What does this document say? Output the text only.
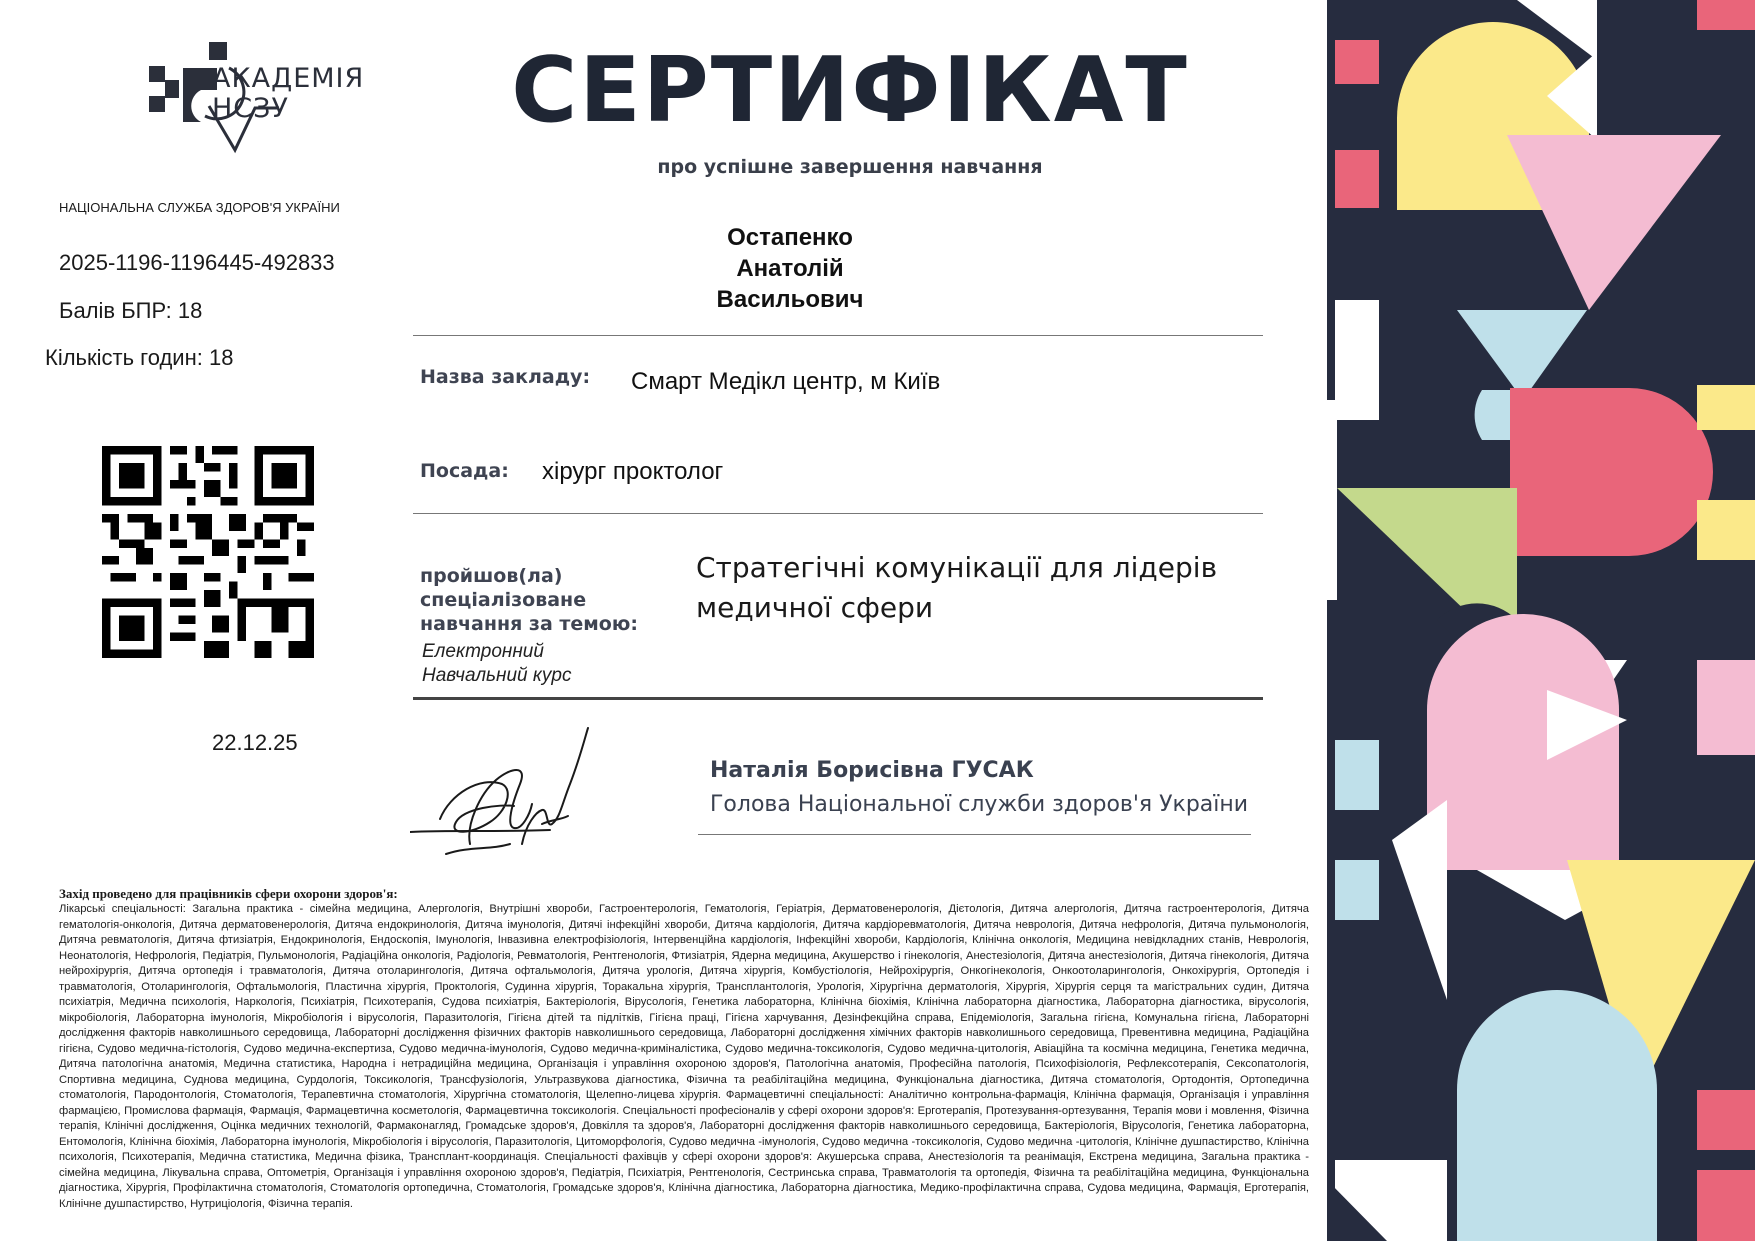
АКАДЕМІЯ
НСЗУ
НАЦІОНАЛЬНА СЛУЖБА ЗДОРОВ'Я УКРАЇНИ
2025-1196-1196445-492833
Балів БПР: 18
Кількість годин: 18
22.12.25
СЕРТИФІКАТ
про успішне завершення навчання
Остапенко
Анатолій
Васильович
Назва закладу: Смарт Медікл центр, м Київ
Посада: хірург проктолог
пройшов(ла)
спеціалізоване
навчання за темою:
Стратегічні комунікації для лідерів медичної сфери
Електронний
Навчальний курс
Наталія Борисівна ГУСАК
Голова Національної служби здоров'я України
Захід проведено для працівників сфери охорони здоров'я:
Лікарські спеціальності: Загальна практика - сімейна медицина, Алергологія, Внутрішні хвороби, Гастроентерологія, Гематологія, Геріатрія, Дерматовенерологія, Дієтологія, Дитяча алергологія, Дитяча гастроентерологія, Дитяча гематологія-онкологія, Дитяча дерматовенерологія, Дитяча ендокринологія, Дитяча імунологія, Дитячі інфекційні хвороби, Дитяча кардіологія, Дитяча кардіоревматологія, Дитяча неврологія, Дитяча нефрологія, Дитяча пульмонологія, Дитяча ревматологія, Дитяча фтизіатрія, Ендокринологія, Ендоскопія, Імунологія, Інвазивна електрофізіологія, Інтервенційна кардіологія, Інфекційні хвороби, Кардіологія, Клінічна онкологія, Медицина невідкладних станів, Неврологія, Неонатологія, Нефрологія, Педіатрія, Пульмонологія, Радіаційна онкологія, Радіологія, Ревматологія, Рентгенологія, Фтизіатрія, Ядерна медицина, Акушерство і гінекологія, Анестезіологія, Дитяча анестезіологія, Дитяча гінекологія, Дитяча нейрохірургія, Дитяча ортопедія і травматологія, Дитяча отоларингологія, Дитяча офтальмологія, Дитяча урологія, Дитяча хірургія, Комбустіологія, Нейрохірургія, Онкогінекологія, Онкоотоларингологія, Онкохірургія, Ортопедія і травматологія, Отоларингологія, Офтальмологія, Пластична хірургія, Проктологія, Судинна хірургія, Торакальна хірургія, Трансплантологія, Урологія, Хірургічна дерматологія, Хірургія, Хірургія серця та магістральних судин, Дитяча психіатрія, Медична психологія, Наркологія, Психіатрія, Психотерапія, Судова психіатрія, Бактеріологія, Вірусологія, Генетика лабораторна, Клінічна біохімія, Клінічна лабораторна діагностика, Лабораторна діагностика, вірусологія, мікробіологія, Лабораторна імунологія, Мікробіологія і вірусологія, Паразитологія, Гігієна дітей та підлітків, Гігієна праці, Гігієна харчування, Дезінфекційна справа, Епідеміологія, Загальна гігієна, Комунальна гігієна, Лабораторні дослідження факторів навколишнього середовища, Лабораторні дослідження фізичних факторів навколишнього середовища, Лабораторні дослідження хімічних факторів навколишнього середовища, Превентивна медицина, Радіаційна гігієна, Судово медична-гістологія, Судово медична-експертиза, Судово медична-імунологія, Судово медична-криміналістика, Судово медична-токсикологія, Судово медична-цитологія, Авіаційна та космічна медицина, Генетика медична, Дитяча патологічна анатомія, Медична статистика, Народна і нетрадиційна медицина, Організація і управління охороною здоров'я, Патологічна анатомія, Професійна патологія, Психофізіологія, Рефлексотерапія, Сексопатологія, Спортивна медицина, Суднова медицина, Сурдологія, Токсикологія, Трансфузіологія, Ультразвукова діагностика, Фізична та реабілітаційна медицина, Функціональна діагностика, Дитяча стоматологія, Ортодонтія, Ортопедична стоматологія, Пародонтологія, Стоматологія, Терапевтична стоматологія, Хірургічна стоматологія, Щелепно-лицева хірургія. Фармацевтичні спеціальності: Аналітично контрольна-фармація, Клінічна фармація, Організація і управління фармацією, Промислова фармація, Фармація, Фармацевтична косметологія, Фармацевтична токсикологія. Спеціальності професіоналів у сфері охорони здоров'я: Ерготерапія, Протезування-ортезування, Терапія мови і мовлення, Фізична терапія, Клінічні дослідження, Оцінка медичних технологій, Фармаконагляд, Громадське здоров'я, Довкілля та здоров'я, Лабораторні дослідження факторів навколишнього середовища, Бактеріологія, Вірусологія, Генетика лабораторна, Ентомологія, Клінічна біохімія, Лабораторна імунологія, Мікробіологія і вірусологія, Паразитологія, Цитоморфологія, Судово медична -імунологія, Судово медична -токсикологія, Судово медична -цитологія, Клінічне душпастирство, Клінічна психологія, Психотерапія, Медична статистика, Медична фізика, Трансплант-координація. Спеціальності фахівців у сфері охорони здоров'я: Акушерська справа, Анестезіологія та реанімація, Екстрена медицина, Загальна практика - сімейна медицина, Лікувальна справа, Оптометрія, Організація і управління охороною здоров'я, Педіатрія, Психіатрія, Рентгенологія, Сестринська справа, Травматологія та ортопедія, Фізична та реабілітаційна медицина, Функціональна діагностика, Хірургія, Профілактична стоматологія, Стоматологія ортопедична, Стоматологія, Громадське здоров'я, Клінічна діагностика, Лабораторна діагностика, Медико-профілактична справа, Судова медицина, Фармація, Ерготерапія, Клінічне душпастирство, Нутриціологія, Фізична терапія.
